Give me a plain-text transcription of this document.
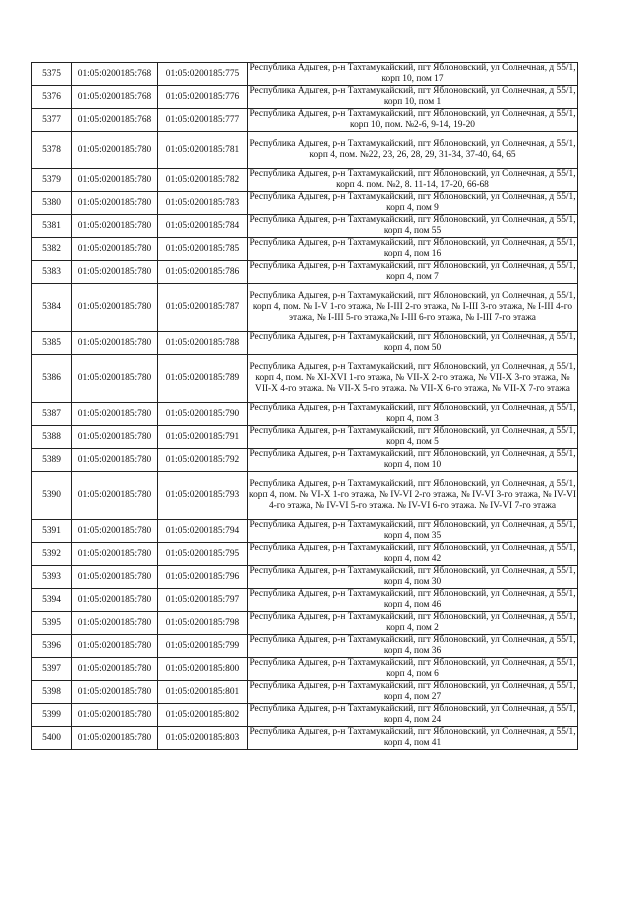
5375	01:05:0200185:768	01:05:0200185:775	Республика Адыгея, р-н Тахтамукайский, пгт Яблоновский, ул Солнечная, д 55/1, корп 10, пом 17
5376	01:05:0200185:768	01:05:0200185:776	Республика Адыгея, р-н Тахтамукайский, пгт Яблоновский, ул Солнечная, д 55/1, корп 10, пом 1
5377	01:05:0200185:768	01:05:0200185:777	Республика Адыгея, р-н Тахтамукайский, пгт Яблоновский, ул Солнечная, д 55/1, корп 10, пом. №2-6, 9-14, 19-20
5378	01:05:0200185:780	01:05:0200185:781	Республика Адыгея, р-н Тахтамукайский, пгт Яблоновский, ул Солнечная, д 55/1, корп 4, пом. №22, 23, 26, 28, 29, 31-34, 37-40, 64, 65
5379	01:05:0200185:780	01:05:0200185:782	Республика Адыгея, р-н Тахтамукайский, пгт Яблоновский, ул Солнечная, д 55/1, корп 4. пом. №2, 8. 11-14, 17-20, 66-68
5380	01:05:0200185:780	01:05:0200185:783	Республика Адыгея, р-н Тахтамукайский, пгт Яблоновский, ул Солнечная, д 55/1, корп 4, пом 9
5381	01:05:0200185:780	01:05:0200185:784	Республика Адыгея, р-н Тахтамукайский, пгт Яблоновский, ул Солнечная, д 55/1, корп 4, пом 55
5382	01:05:0200185:780	01:05:0200185:785	Республика Адыгея, р-н Тахтамукайский, пгт Яблоновский, ул Солнечная, д 55/1, корп 4, пом 16
5383	01:05:0200185:780	01:05:0200185:786	Республика Адыгея, р-н Тахтамукайский, пгт Яблоновский, ул Солнечная, д 55/1, корп 4, пом 7
5384	01:05:0200185:780	01:05:0200185:787	Республика Адыгея, р-н Тахтамукайский, пгт Яблоновский, ул Солнечная, д 55/1, корп 4, пом. № I-V 1-го этажа, № I-III 2-го этажа, № I-III 3-го этажа, № I-III 4-го этажа, № I-III 5-го этажа,№ I-III 6-го этажа, № I-III 7-го этажа
5385	01:05:0200185:780	01:05:0200185:788	Республика Адыгея, р-н Тахтамукайский, пгт Яблоновский, ул Солнечная, д 55/1, корп 4, пом 50
5386	01:05:0200185:780	01:05:0200185:789	Республика Адыгея, р-н Тахтамукайский, пгт Яблоновский, ул Солнечная, д 55/1, корп 4, пом. № XI-XVI 1-го этажа, № VII-X 2-го этажа, № VII-X 3-го этажа, № VII-X 4-го этажа. № VII-X 5-го этажа. № VII-X 6-го этажа, № VII-X 7-го этажа
5387	01:05:0200185:780	01:05:0200185:790	Республика Адыгея, р-н Тахтамукайский, пгт Яблоновский, ул Солнечная, д 55/1, корп 4, пом 3
5388	01:05:0200185:780	01:05:0200185:791	Республика Адыгея, р-н Тахтамукайский, пгт Яблоновский, ул Солнечная, д 55/1, корп 4, пом 5
5389	01:05:0200185:780	01:05:0200185:792	Республика Адыгея, р-н Тахтамукайский, пгт Яблоновский, ул Солнечная, д 55/1, корп 4, пом 10
5390	01:05:0200185:780	01:05:0200185:793	Республика Адыгея, р-н Тахтамукайский, пгт Яблоновский, ул Солнечная, д 55/1, корп 4, пом. № VI-X 1-го этажа, № IV-VI 2-го этажа, № IV-VI 3-го этажа, № IV-VI 4-го этажа, № IV-VI 5-го этажа. № IV-VI 6-го этажа. № IV-VI 7-го этажа
5391	01:05:0200185:780	01:05:0200185:794	Республика Адыгея, р-н Тахтамукайский, пгт Яблоновский, ул Солнечная, д 55/1, корп 4, пом 35
5392	01:05:0200185:780	01:05:0200185:795	Республика Адыгея, р-н Тахтамукайский, пгт Яблоновский, ул Солнечная, д 55/1, корп 4, пом 42
5393	01:05:0200185:780	01:05:0200185:796	Республика Адыгея, р-н Тахтамукайский, пгт Яблоновский, ул Солнечная, д 55/1, корп 4, пом 30
5394	01:05:0200185:780	01:05:0200185:797	Республика Адыгея, р-н Тахтамукайский, пгт Яблоновский, ул Солнечная, д 55/1, корп 4, пом 46
5395	01:05:0200185:780	01:05:0200185:798	Республика Адыгея, р-н Тахтамукайский, пгт Яблоновский, ул Солнечная, д 55/1, корп 4, пом 2
5396	01:05:0200185:780	01:05:0200185:799	Республика Адыгея, р-н Тахтамукайский, пгт Яблоновский, ул Солнечная, д 55/1, корп 4, пом 36
5397	01:05:0200185:780	01:05:0200185:800	Республика Адыгея, р-н Тахтамукайский, пгт Яблоновский, ул Солнечная, д 55/1, корп 4, пом 6
5398	01:05:0200185:780	01:05:0200185:801	Республика Адыгея, р-н Тахтамукайский, пгт Яблоновский, ул Солнечная, д 55/1, корп 4, пом 27
5399	01:05:0200185:780	01:05:0200185:802	Республика Адыгея, р-н Тахтамукайский, пгт Яблоновский, ул Солнечная, д 55/1, корп 4, пом 24
5400	01:05:0200185:780	01:05:0200185:803	Республика Адыгея, р-н Тахтамукайский, пгт Яблоновский, ул Солнечная, д 55/1, корп 4, пом 41
